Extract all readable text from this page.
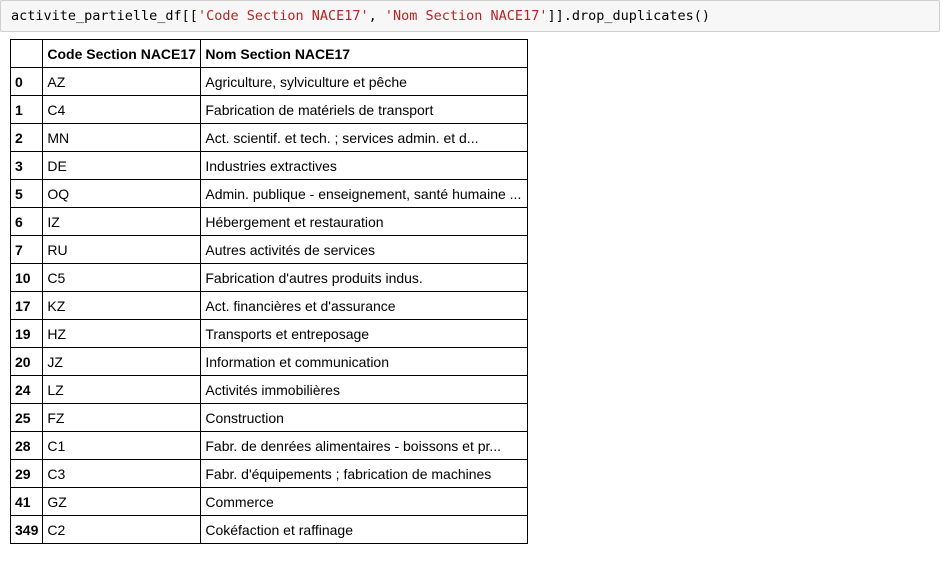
activite_partielle_df[['Code Section NACE17', 'Nom Section NACE17']].drop_duplicates()
	Code Section NACE17	Nom Section NACE17
0	AZ	Agriculture, sylviculture et pêche
1	C4	Fabrication de matériels de transport
2	MN	Act. scientif. et tech. ; services admin. et d...
3	DE	Industries extractives
5	OQ	Admin. publique - enseignement, santé humaine ...
6	IZ	Hébergement et restauration
7	RU	Autres activités de services
10	C5	Fabrication d'autres produits indus.
17	KZ	Act. financières et d'assurance
19	HZ	Transports et entreposage
20	JZ	Information et communication
24	LZ	Activités immobilières
25	FZ	Construction
28	C1	Fabr. de denrées alimentaires - boissons et pr...
29	C3	Fabr. d'équipements ; fabrication de machines
41	GZ	Commerce
349	C2	Cokéfaction et raffinage
